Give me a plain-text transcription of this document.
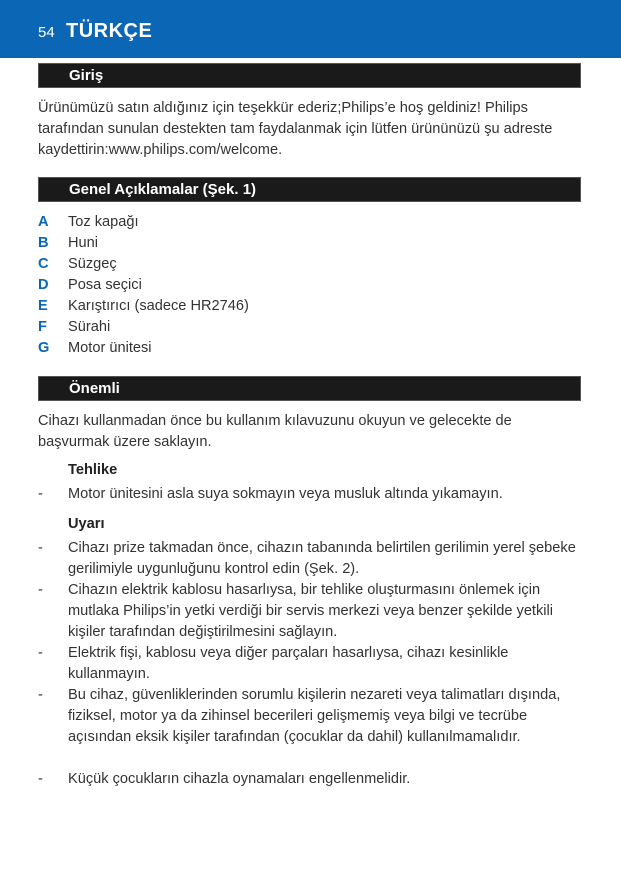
54 TÜRKÇE
Giriş
Ürünümüzü satın aldığınız için teşekkür ederiz;Philips’e hoş geldiniz! Philips tarafından sunulan destekten tam faydalanmak için lütfen ürününüzü şu adreste kaydettirin:www.philips.com/welcome.
Genel Açıklamalar (Şek. 1)
A	Toz kapağı
B	Huni
C	Süzgeç
D	Posa seçici
E	Karıştırıcı (sadece HR2746)
F	Sürahi
G	Motor ünitesi
Önemli
Cihazı kullanmadan önce bu kullanım kılavuzunu okuyun ve gelecekte de başvurmak üzere saklayın.
Tehlike
- Motor ünitesini asla suya sokmayın veya musluk altında yıkamayın.
Uyarı
- Cihazı prize takmadan önce, cihazın tabanında belirtilen gerilimin yerel şebeke gerilimiyle uygunluğunu kontrol edin (Şek. 2).
- Cihazın elektrik kablosu hasarlıysa, bir tehlike oluşturmasını önlemek için mutlaka Philips’in yetki verdiği bir servis merkezi veya benzer şekilde yetkili kişiler tarafından değiştirilmesini sağlayın.
- Elektrik fişi, kablosu veya diğer parçaları hasarlıysa, cihazı kesinlikle kullanmayın.
- Bu cihaz, güvenliklerinden sorumlu kişilerin nezareti veya talimatları dışında, fiziksel, motor ya da zihinsel becerileri gelişmemiş veya bilgi ve tecrübe açısından eksik kişiler tarafından (çocuklar da dahil) kullanılmamalıdır.
- Küçük çocukların cihazla oynamaları engellenmelidir.
